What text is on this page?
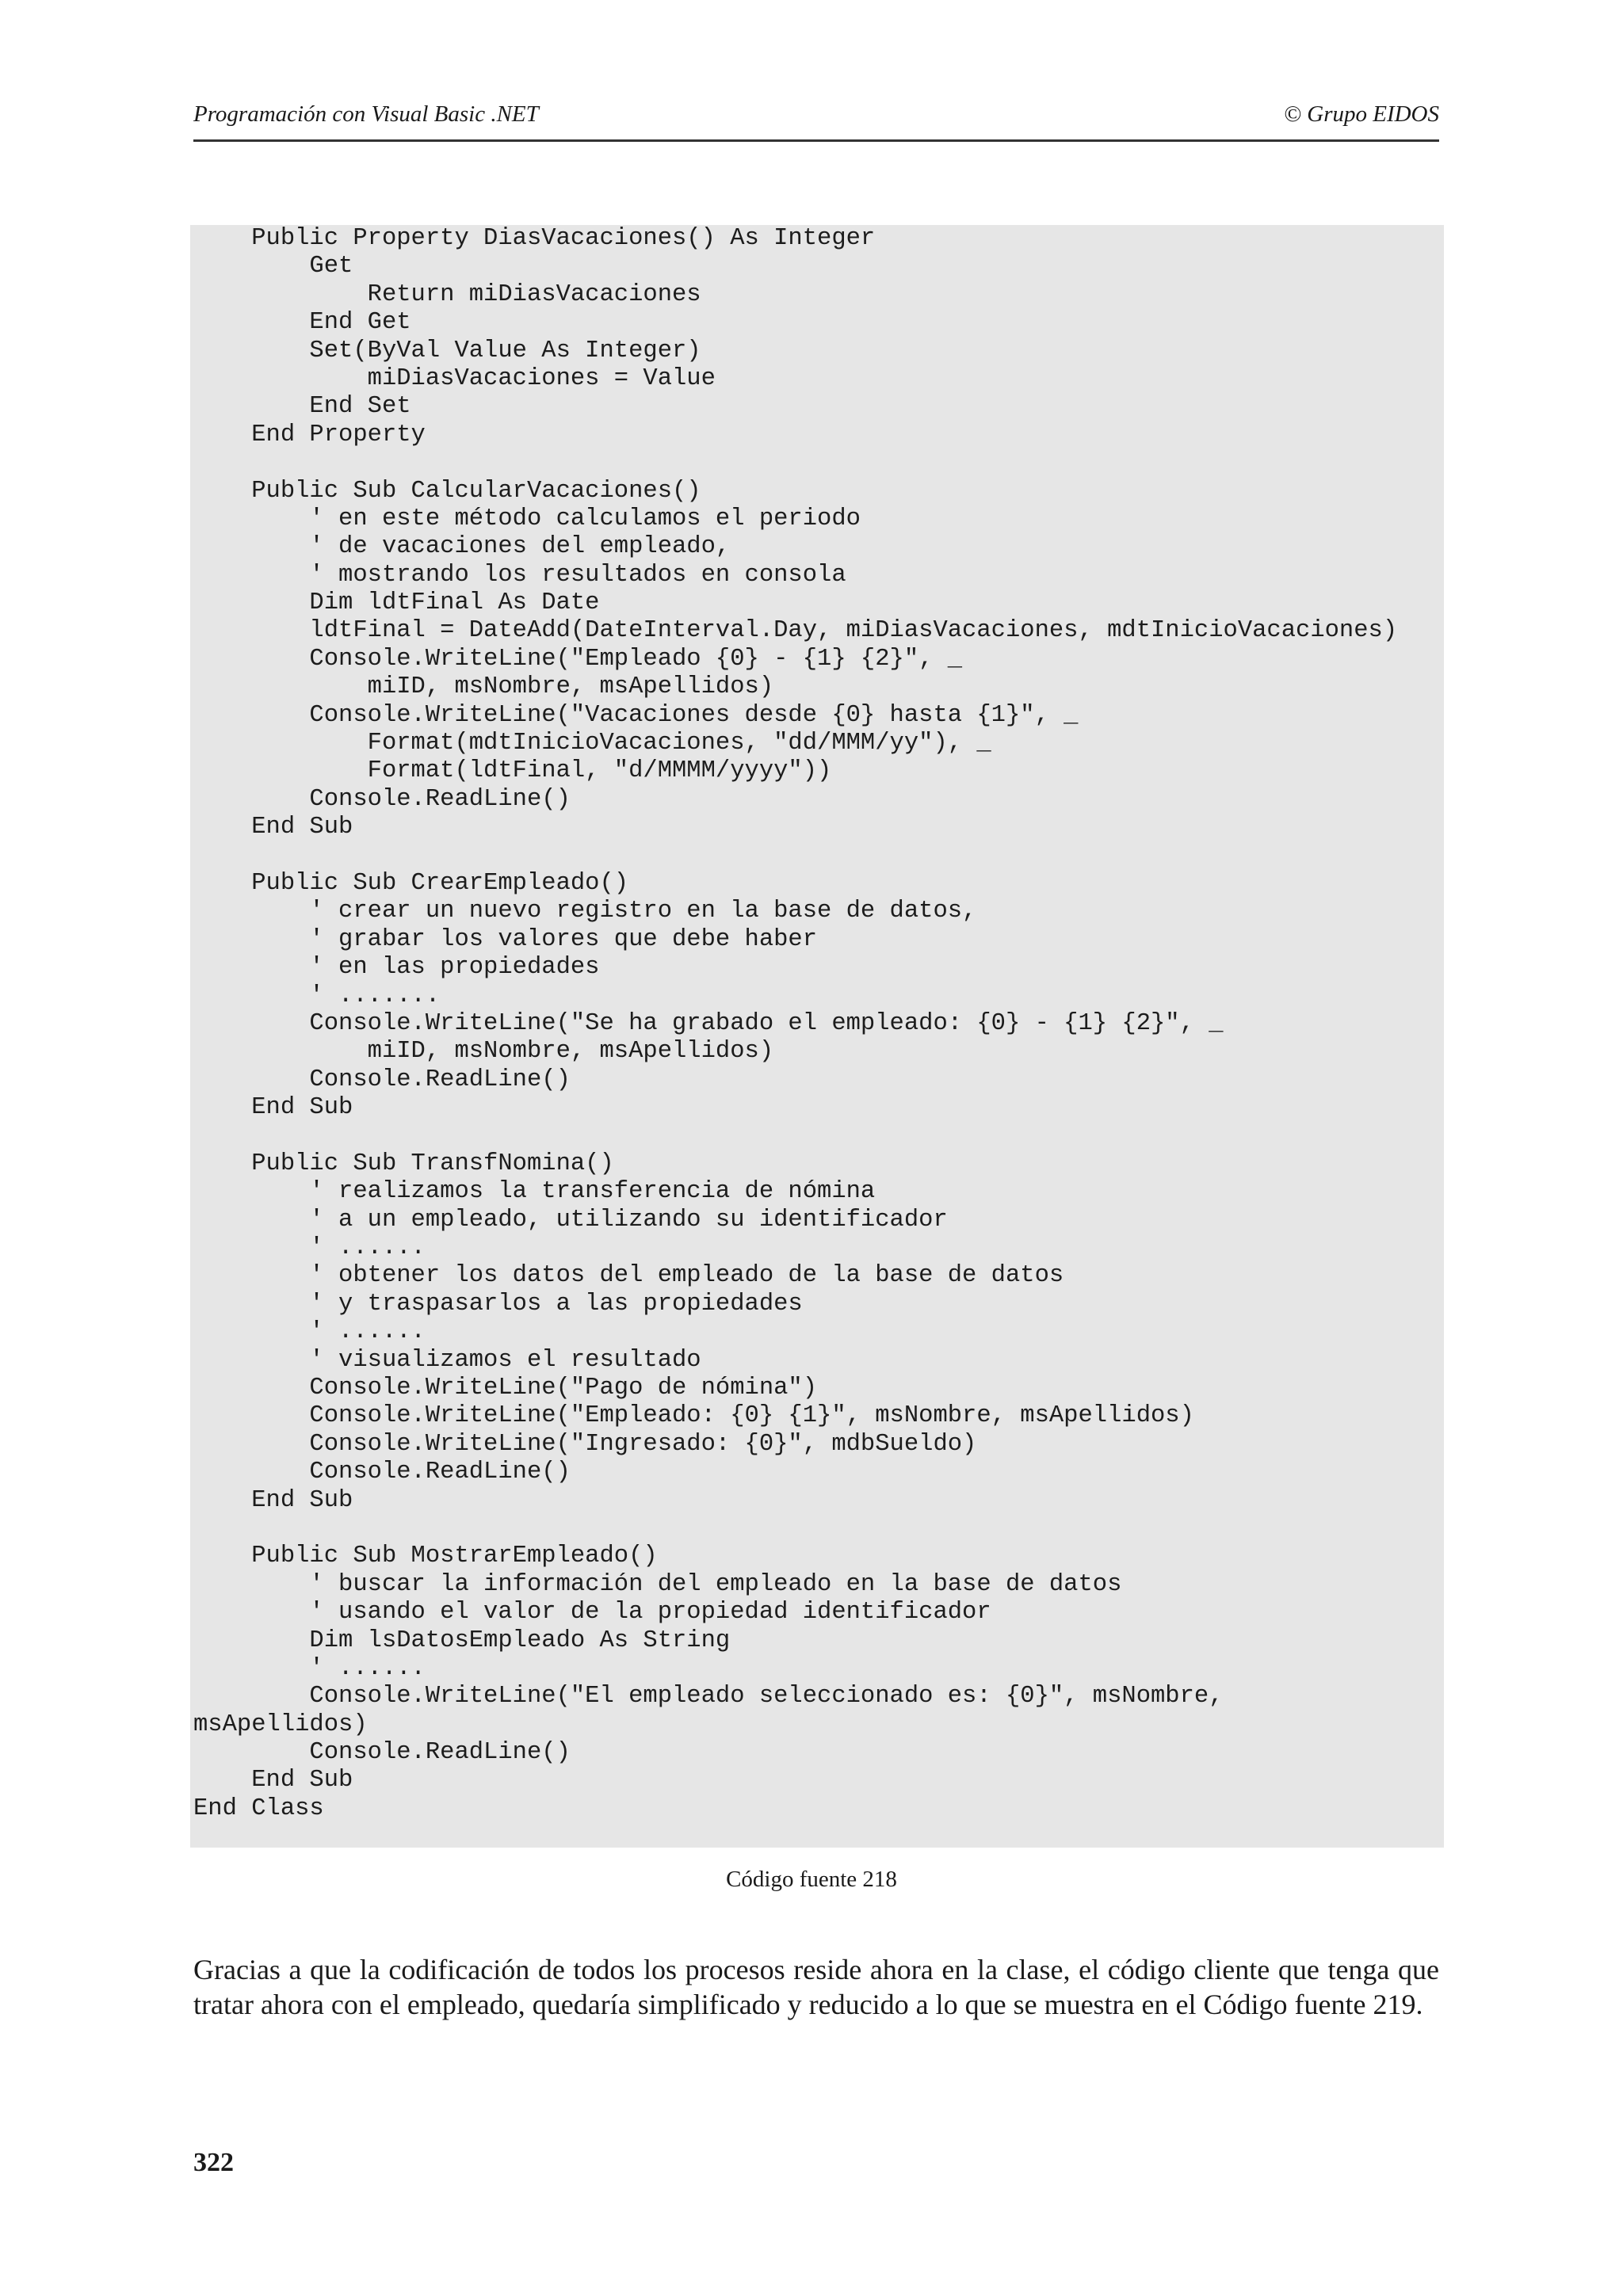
Programación con Visual Basic .NET	© Grupo EIDOS
Public Property DiasVacaciones() As Integer
Get
Return miDiasVacaciones
End Get
Set(ByVal Value As Integer)
miDiasVacaciones = Value
End Set
End Property
Public Sub CalcularVacaciones()
' en este método calculamos el periodo
' de vacaciones del empleado,
' mostrando los resultados en consola
Dim ldtFinal As Date
ldtFinal = DateAdd(DateInterval.Day, miDiasVacaciones, mdtInicioVacaciones)
Console.WriteLine("Empleado {0} - {1} {2}", _
miID, msNombre, msApellidos)
Console.WriteLine("Vacaciones desde {0} hasta {1}", _
Format(mdtInicioVacaciones, "dd/MMM/yy"), _
Format(ldtFinal, "d/MMMM/yyyy"))
Console.ReadLine()
End Sub
Public Sub CrearEmpleado()
' crear un nuevo registro en la base de datos,
' grabar los valores que debe haber
' en las propiedades
' .......
Console.WriteLine("Se ha grabado el empleado: {0} - {1} {2}", _
miID, msNombre, msApellidos)
Console.ReadLine()
End Sub
Public Sub TransfNomina()
' realizamos la transferencia de nómina
' a un empleado, utilizando su identificador
' ......
' obtener los datos del empleado de la base de datos
' y traspasarlos a las propiedades
' ......
' visualizamos el resultado
Console.WriteLine("Pago de nómina")
Console.WriteLine("Empleado: {0} {1}", msNombre, msApellidos)
Console.WriteLine("Ingresado: {0}", mdbSueldo)
Console.ReadLine()
End Sub
Public Sub MostrarEmpleado()
' buscar la información del empleado en la base de datos
' usando el valor de la propiedad identificador
Dim lsDatosEmpleado As String
' ......
Console.WriteLine("El empleado seleccionado es: {0}", msNombre,
msApellidos)
Console.ReadLine()
End Sub
End Class
Código fuente 218

Gracias a que la codificación de todos los procesos reside ahora en la clase, el código cliente que tenga que tratar ahora con el empleado, quedaría simplificado y reducido a lo que se muestra en el Código fuente 219.

322
